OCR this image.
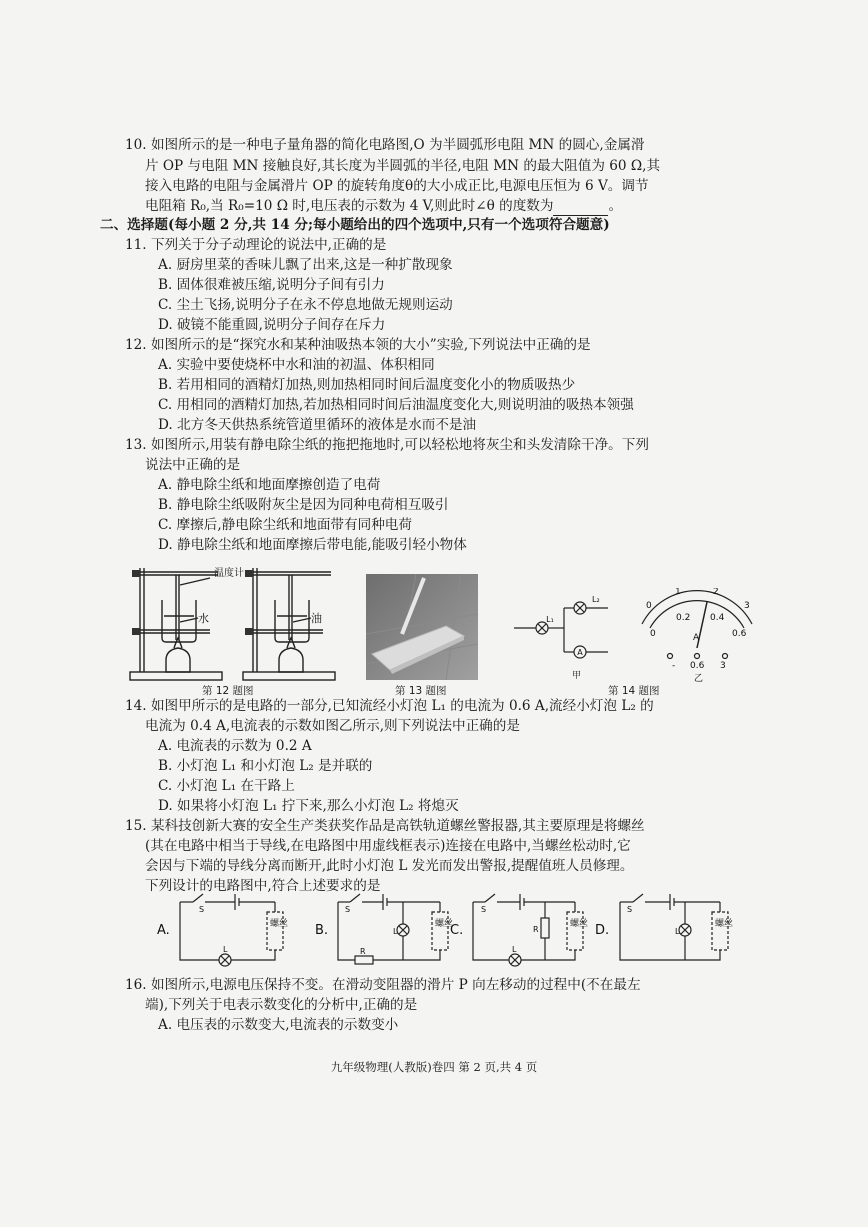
10. 如图所示的是一种电子量角器的简化电路图,O 为半圆弧形电阻 MN 的圆心,金属滑
片 OP 与电阻 MN 接触良好,其长度为半圆弧的半径,电阻 MN 的最大阻值为 60 Ω,其
接入电路的电阻与金属滑片 OP 的旋转角度θ的大小成正比,电源电压恒为 6 V。调节
电阻箱 R₀,当 R₀=10 Ω 时,电压表的示数为 4 V,则此时∠θ 的度数为	。
二、选择题(每小题 2 分,共 14 分;每小题给出的四个选项中,只有一个选项符合题意)
11. 下列关于分子动理论的说法中,正确的是
A. 厨房里菜的香味儿飘了出来,这是一种扩散现象
B. 固体很难被压缩,说明分子间有引力
C. 尘土飞扬,说明分子在永不停息地做无规则运动
D. 破镜不能重圆,说明分子间存在斥力
12. 如图所示的是“探究水和某种油吸热本领的大小”实验,下列说法中正确的是
A. 实验中要使烧杯中水和油的初温、体积相同
B. 若用相同的酒精灯加热,则加热相同时间后温度变化小的物质吸热少
C. 用相同的酒精灯加热,若加热相同时间后油温度变化大,则说明油的吸热本领强
D. 北方冬天供热系统管道里循环的液体是水而不是油
13. 如图所示,用装有静电除尘纸的拖把拖地时,可以轻松地将灰尘和头发清除干净。下列
说法中正确的是
A. 静电除尘纸和地面摩擦创造了电荷
B. 静电除尘纸吸附灰尘是因为同种电荷相互吸引
C. 摩擦后,静电除尘纸和地面带有同种电荷
D. 静电除尘纸和地面摩擦后带电能,能吸引轻小物体
温度计
水	油
第 12 题图	第 13 题图
L₁
L₂
A
甲
0
1	2
3
0
0.2 0.4
0.6
A
- 0.6 3
乙
第 14 题图
14. 如图甲所示的是电路的一部分,已知流经小灯泡 L₁ 的电流为 0.6 A,流经小灯泡 L₂ 的
电流为 0.4 A,电流表的示数如图乙所示,则下列说法中正确的是
A. 电流表的示数为 0.2 A
B. 小灯泡 L₁ 和小灯泡 L₂ 是并联的
C. 小灯泡 L₁ 在干路上
D. 如果将小灯泡 L₁ 拧下来,那么小灯泡 L₂ 将熄灭
15. 某科技创新大赛的安全生产类获奖作品是高铁轨道螺丝警报器,其主要原理是将螺丝
(其在电路中相当于导线,在电路图中用虚线框表示)连接在电路中,当螺丝松动时,它
会因与下端的导线分离而断开,此时小灯泡 L 发光而发出警报,提醒值班人员修理。
下列设计的电路图中,符合上述要求的是
A.	B.	C.	D.
S
L
螺丝
S
L
R
螺丝
S
R
L
螺丝
S
L
螺丝
16. 如图所示,电源电压保持不变。在滑动变阻器的滑片 P 向左移动的过程中(不在最左
端),下列关于电表示数变化的分析中,正确的是
A. 电压表的示数变大,电流表的示数变小
九年级物理(人教版)卷四 第 2 页,共 4 页
